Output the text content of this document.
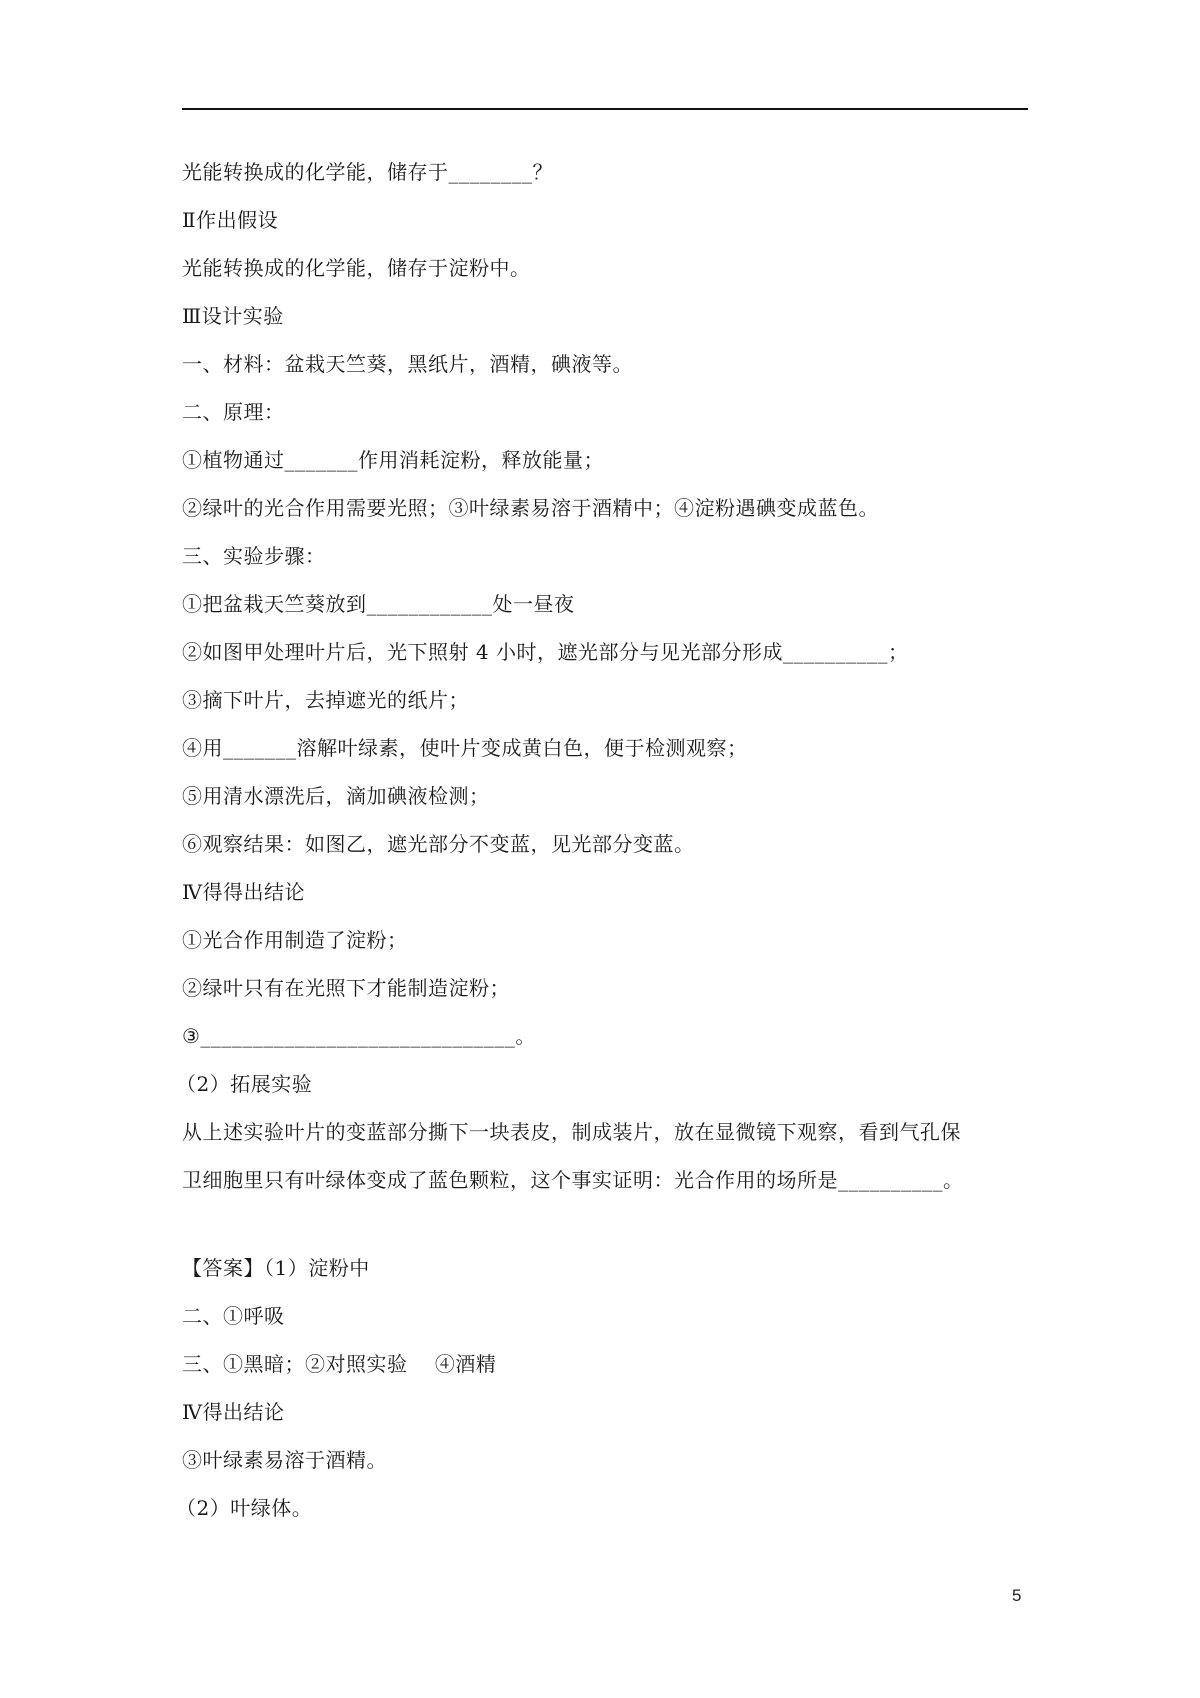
光能转换成的化学能，储存于________？
Ⅱ作出假设
光能转换成的化学能，储存于淀粉中。
Ⅲ设计实验
一、材料：盆栽天竺葵，黑纸片，酒精，碘液等。
二、原理：
①植物通过_______作用消耗淀粉，释放能量；
②绿叶的光合作用需要光照；③叶绿素易溶于酒精中；④淀粉遇碘变成蓝色。
三、实验步骤：
①把盆栽天竺葵放到____________处一昼夜
②如图甲处理叶片后，光下照射 4 小时，遮光部分与见光部分形成__________；
③摘下叶片，去掉遮光的纸片；
④用_______溶解叶绿素，使叶片变成黄白色，便于检测观察；
⑤用清水漂洗后，滴加碘液检测；
⑥观察结果：如图乙，遮光部分不变蓝，见光部分变蓝。
Ⅳ得得出结论
①光合作用制造了淀粉；
②绿叶只有在光照下才能制造淀粉；
③______________________________。
（2）拓展实验
从上述实验叶片的变蓝部分撕下一块表皮，制成装片，放在显微镜下观察，看到气孔保
卫细胞里只有叶绿体变成了蓝色颗粒，这个事实证明：光合作用的场所是__________。
【答案】（1）淀粉中
二、①呼吸
三、①黑暗；②对照实验　 ④酒精
Ⅳ得出结论
③叶绿素易溶于酒精。
（2）叶绿体。
5
